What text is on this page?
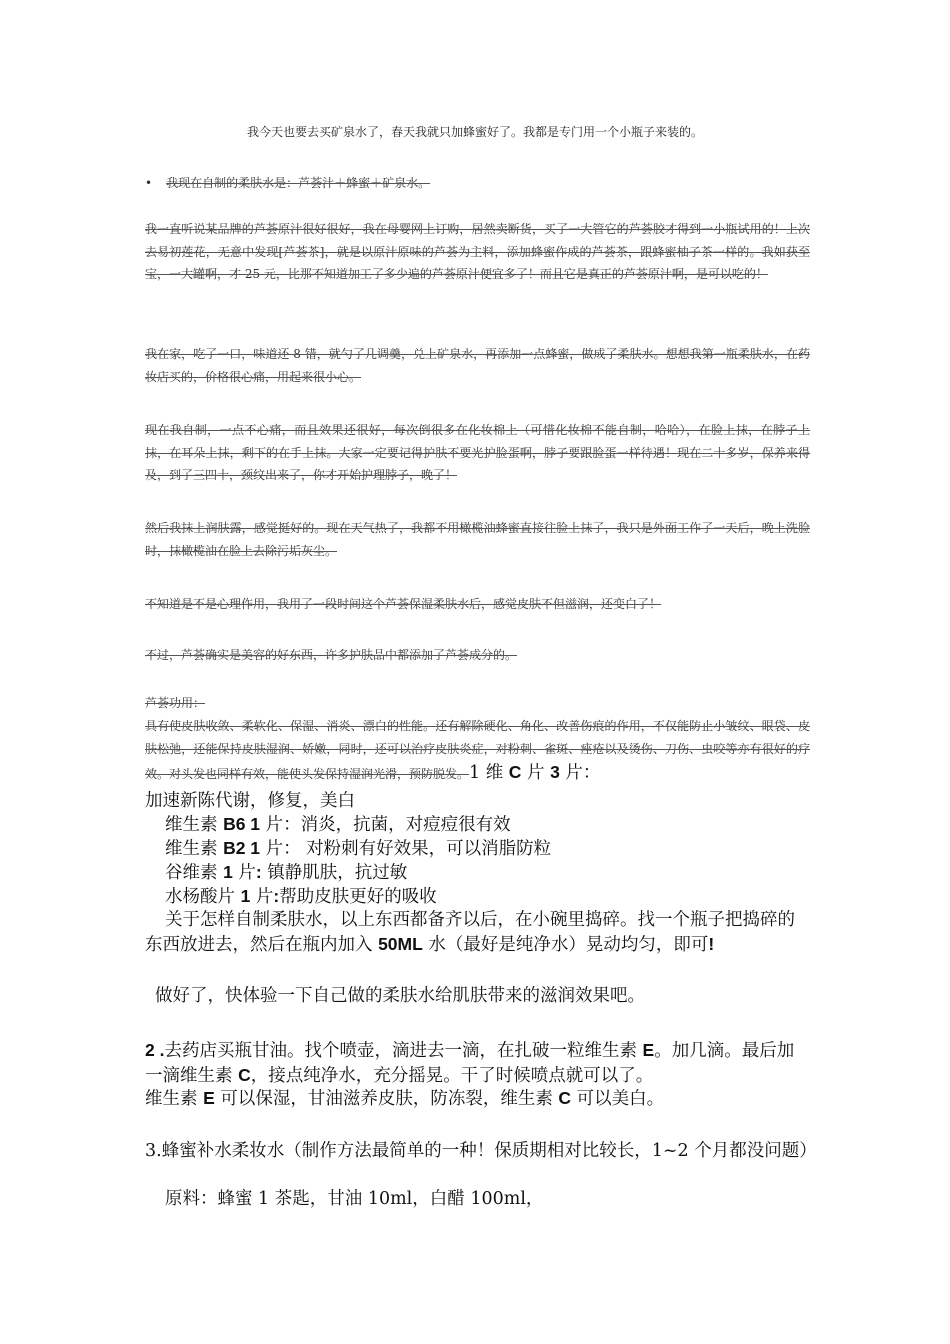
我今天也要去买矿泉水了，春天我就只加蜂蜜好了。我都是专门用一个小瓶子来装的。
• 我现在自制的柔肤水是：芦荟汁＋蜂蜜＋矿泉水。
我一直听说某品牌的芦荟原汁很好很好，我在母婴网上订购，居然卖断货，买了一大管它的芦荟胶才得到一小瓶试用的！上次去易初莲花，无意中发现[芦荟茶]，就是以原汁原味的芦荟为主料，添加蜂蜜作成的芦荟茶，跟蜂蜜柚子茶一样的。我如获至宝，一大罐啊，才 25 元，比那不知道加工了多少遍的芦荟原汁便宜多了！而且它是真正的芦荟原汁啊，是可以吃的！
我在家，吃了一口，味道还 8 错，就勺了几调羹，兑上矿泉水，再添加一点蜂蜜，做成了柔肤水。想想我第一瓶柔肤水，在药妆店买的，价格很心痛，用起来很小心。
现在我自制，一点不心痛，而且效果还很好，每次倒很多在化妆棉上（可惜化妆棉不能自制，哈哈），在脸上抹，在脖子上抹，在耳朵上抹，剩下的在手上抹。大家一定要记得护肤不要光护脸蛋啊，脖子要跟脸蛋一样待遇！现在二十多岁，保养来得及，到了三四十，颈纹出来了，你才开始护理脖子，晚了！
然后我抹上润肤露，感觉挺好的。现在天气热了，我都不用橄榄油蜂蜜直接往脸上抹了，我只是外面工作了一天后，晚上洗脸时，抹橄榄油在脸上去除污垢灰尘。
不知道是不是心理作用，我用了一段时间这个芦荟保湿柔肤水后，感觉皮肤不但滋润，还变白了！
不过，芦荟确实是美容的好东西，许多护肤品中都添加了芦荟成分的。
芦荟功用：
具有使皮肤收敛、柔软化、保湿、消炎、漂白的性能。还有解除硬化、角化、改善伤痕的作用，不仅能防止小皱纹、眼袋、皮肤松弛，还能保持皮肤湿润、娇嫩，同时，还可以治疗皮肤炎症，对粉刺、雀斑、痤疮以及烫伤、刀伤、虫咬等亦有很好的疗效。对头发也同样有效，能使头发保持湿润光滑，预防脱发。1 维 C 片 3 片：
加速新陈代谢，修复，美白
维生素 B6 1 片：消炎，抗菌，对痘痘很有效
维生素 B2 1 片： 对粉刺有好效果，可以消脂防粒
谷维素 1 片: 镇静肌肤，抗过敏
水杨酸片 1 片:帮助皮肤更好的吸收
关于怎样自制柔肤水，以上东西都备齐以后，在小碗里捣碎。找一个瓶子把捣碎的东西放进去，然后在瓶内加入 50ML 水（最好是纯净水）晃动均匀，即可!
做好了，快体验一下自己做的柔肤水给肌肤带来的滋润效果吧。
2 .去药店买瓶甘油。找个喷壶，滴进去一滴，在扎破一粒维生素 E。加几滴。最后加一滴维生素 C，接点纯净水，充分摇晃。干了时候喷点就可以了。
维生素 E 可以保湿，甘油滋养皮肤，防冻裂，维生素 C 可以美白。
3.蜂蜜补水柔妆水（制作方法最简单的一种！保质期相对比较长，1~2 个月都没问题）
原料：蜂蜜 1 茶匙，甘油 10ml，白醋 100ml，
